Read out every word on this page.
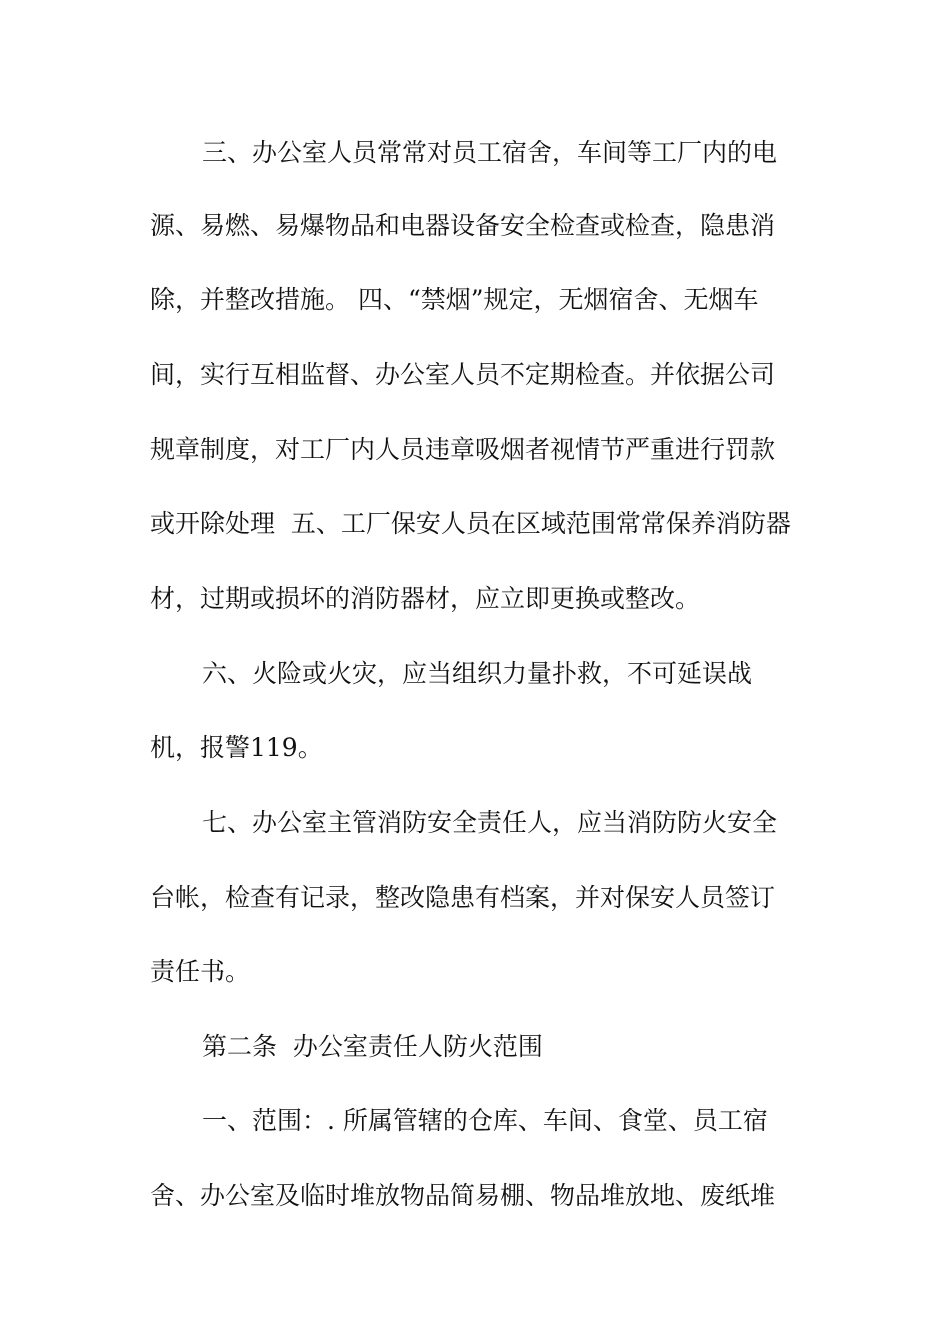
三、办公室人员常常对员工宿舍，车间等工厂内的电
源、易燃、易爆物品和电器设备安全检查或检查，隐患消
除，并整改措施。 四、“禁烟”规定，无烟宿舍、无烟车
间，实行互相监督、办公室人员不定期检查。并依据公司
规章制度，对工厂内人员违章吸烟者视情节严重进行罚款
或开除处理  五、工厂保安人员在区域范围常常保养消防器
材，过期或损坏的消防器材，应立即更换或整改。
六、火险或火灾，应当组织力量扑救，不可延误战
机，报警119。
七、办公室主管消防安全责任人，应当消防防火安全
台帐，检查有记录，整改隐患有档案，并对保安人员签订
责任书。
第二条  办公室责任人防火范围
一、范围：. 所属管辖的仓库、车间、食堂、员工宿
舍、办公室及临时堆放物品简易棚、物品堆放地、废纸堆
